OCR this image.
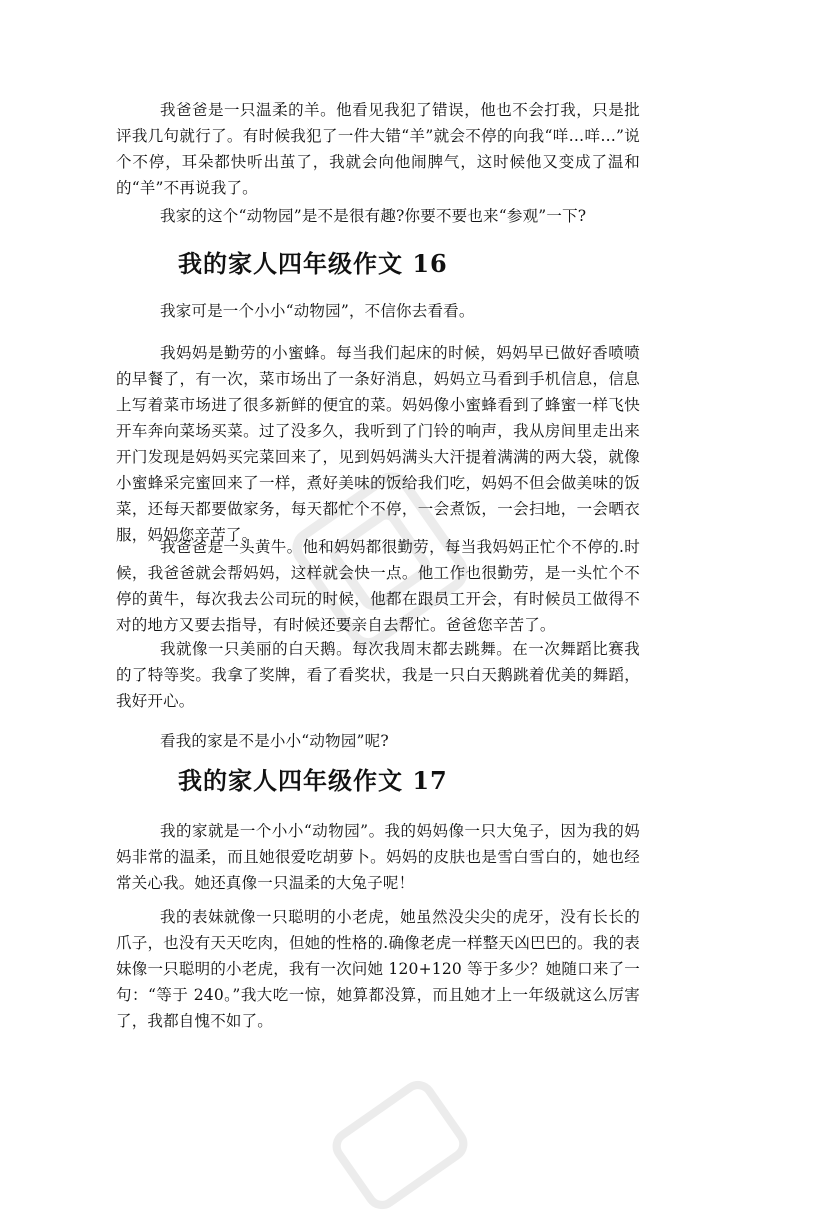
我爸爸是一只温柔的羊。他看见我犯了错误，他也不会打我，只是批评我几句就行了。有时候我犯了一件大错“羊”就会不停的向我“咩…咩…”说个不停，耳朵都快听出茧了，我就会向他闹脾气，这时候他又变成了温和的“羊”不再说我了。

我家的这个“动物园”是不是很有趣?你要不要也来“参观”一下?

我的家人四年级作文 16

我家可是一个小小“动物园”，不信你去看看。

我妈妈是勤劳的小蜜蜂。每当我们起床的时候，妈妈早已做好香喷喷的早餐了，有一次，菜市场出了一条好消息，妈妈立马看到手机信息，信息上写着菜市场进了很多新鲜的便宜的菜。妈妈像小蜜蜂看到了蜂蜜一样飞快开车奔向菜场买菜。过了没多久，我听到了门铃的响声，我从房间里走出来开门发现是妈妈买完菜回来了，见到妈妈满头大汗提着满满的两大袋，就像小蜜蜂采完蜜回来了一样，煮好美味的饭给我们吃，妈妈不但会做美味的饭菜，还每天都要做家务，每天都忙个不停，一会煮饭，一会扫地，一会晒衣服，妈妈您辛苦了。

我爸爸是一头黄牛。他和妈妈都很勤劳，每当我妈妈正忙个不停的.时候，我爸爸就会帮妈妈，这样就会快一点。他工作也很勤劳，是一头忙个不停的黄牛，每次我去公司玩的时候，他都在跟员工开会，有时候员工做得不对的地方又要去指导，有时候还要亲自去帮忙。爸爸您辛苦了。

我就像一只美丽的白天鹅。每次我周末都去跳舞。在一次舞蹈比赛我的了特等奖。我拿了奖牌，看了看奖状，我是一只白天鹅跳着优美的舞蹈，我好开心。

看我的家是不是小小“动物园”呢?

我的家人四年级作文 17

我的家就是一个小小“动物园”。我的妈妈像一只大兔子，因为我的妈妈非常的温柔，而且她很爱吃胡萝卜。妈妈的皮肤也是雪白雪白的，她也经常关心我。她还真像一只温柔的大兔子呢！

我的表妹就像一只聪明的小老虎，她虽然没尖尖的虎牙，没有长长的爪子，也没有天天吃肉，但她的性格的.确像老虎一样整天凶巴巴的。我的表妹像一只聪明的小老虎，我有一次问她 120+120 等于多少？她随口来了一句：“等于 240。”我大吃一惊，她算都没算，而且她才上一年级就这么厉害了，我都自愧不如了。
